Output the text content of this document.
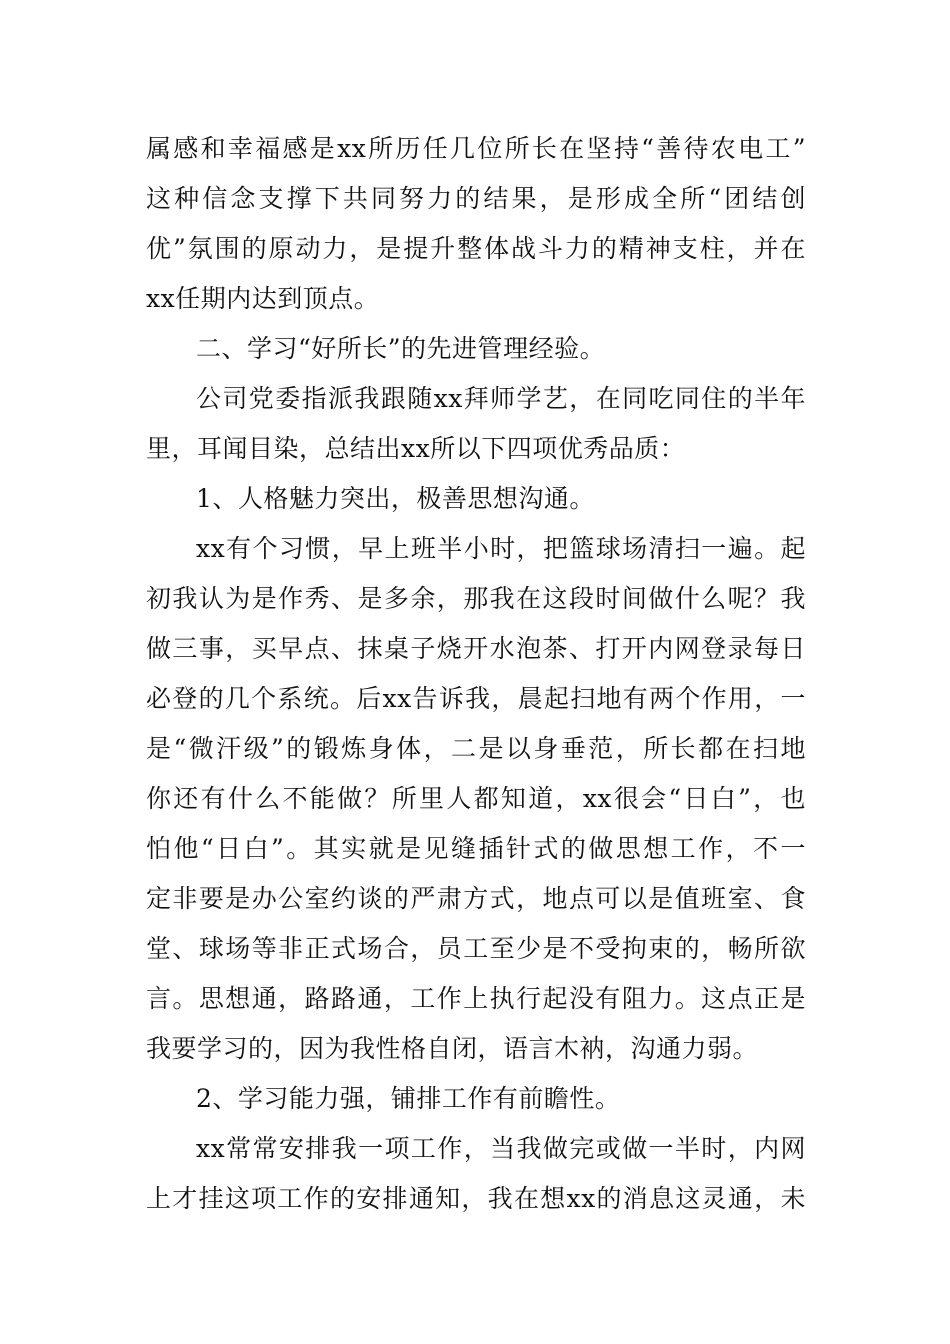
属感和幸福感是xx所历任几位所长在坚持“善待农电工”
这种信念支撑下共同努力的结果，是形成全所“团结创
优”氛围的原动力，是提升整体战斗力的精神支柱，并在
xx任期内达到顶点。
二、学习“好所长”的先进管理经验。
公司党委指派我跟随xx拜师学艺，在同吃同住的半年
里，耳闻目染，总结出xx所以下四项优秀品质：
1、人格魅力突出，极善思想沟通。
xx有个习惯，早上班半小时，把篮球场清扫一遍。起
初我认为是作秀、是多余，那我在这段时间做什么呢？我
做三事，买早点、抹桌子烧开水泡茶、打开内网登录每日
必登的几个系统。后xx告诉我，晨起扫地有两个作用，一
是“微汗级”的锻炼身体，二是以身垂范，所长都在扫地
你还有什么不能做？所里人都知道，xx很会“日白”，也
怕他“日白”。其实就是见缝插针式的做思想工作，不一
定非要是办公室约谈的严肃方式，地点可以是值班室、食
堂、球场等非正式场合，员工至少是不受拘束的，畅所欲
言。思想通，路路通，工作上执行起没有阻力。这点正是
我要学习的，因为我性格自闭，语言木衲，沟通力弱。
2、学习能力强，铺排工作有前瞻性。
xx常常安排我一项工作，当我做完或做一半时，内网
上才挂这项工作的安排通知，我在想xx的消息这灵通，未
